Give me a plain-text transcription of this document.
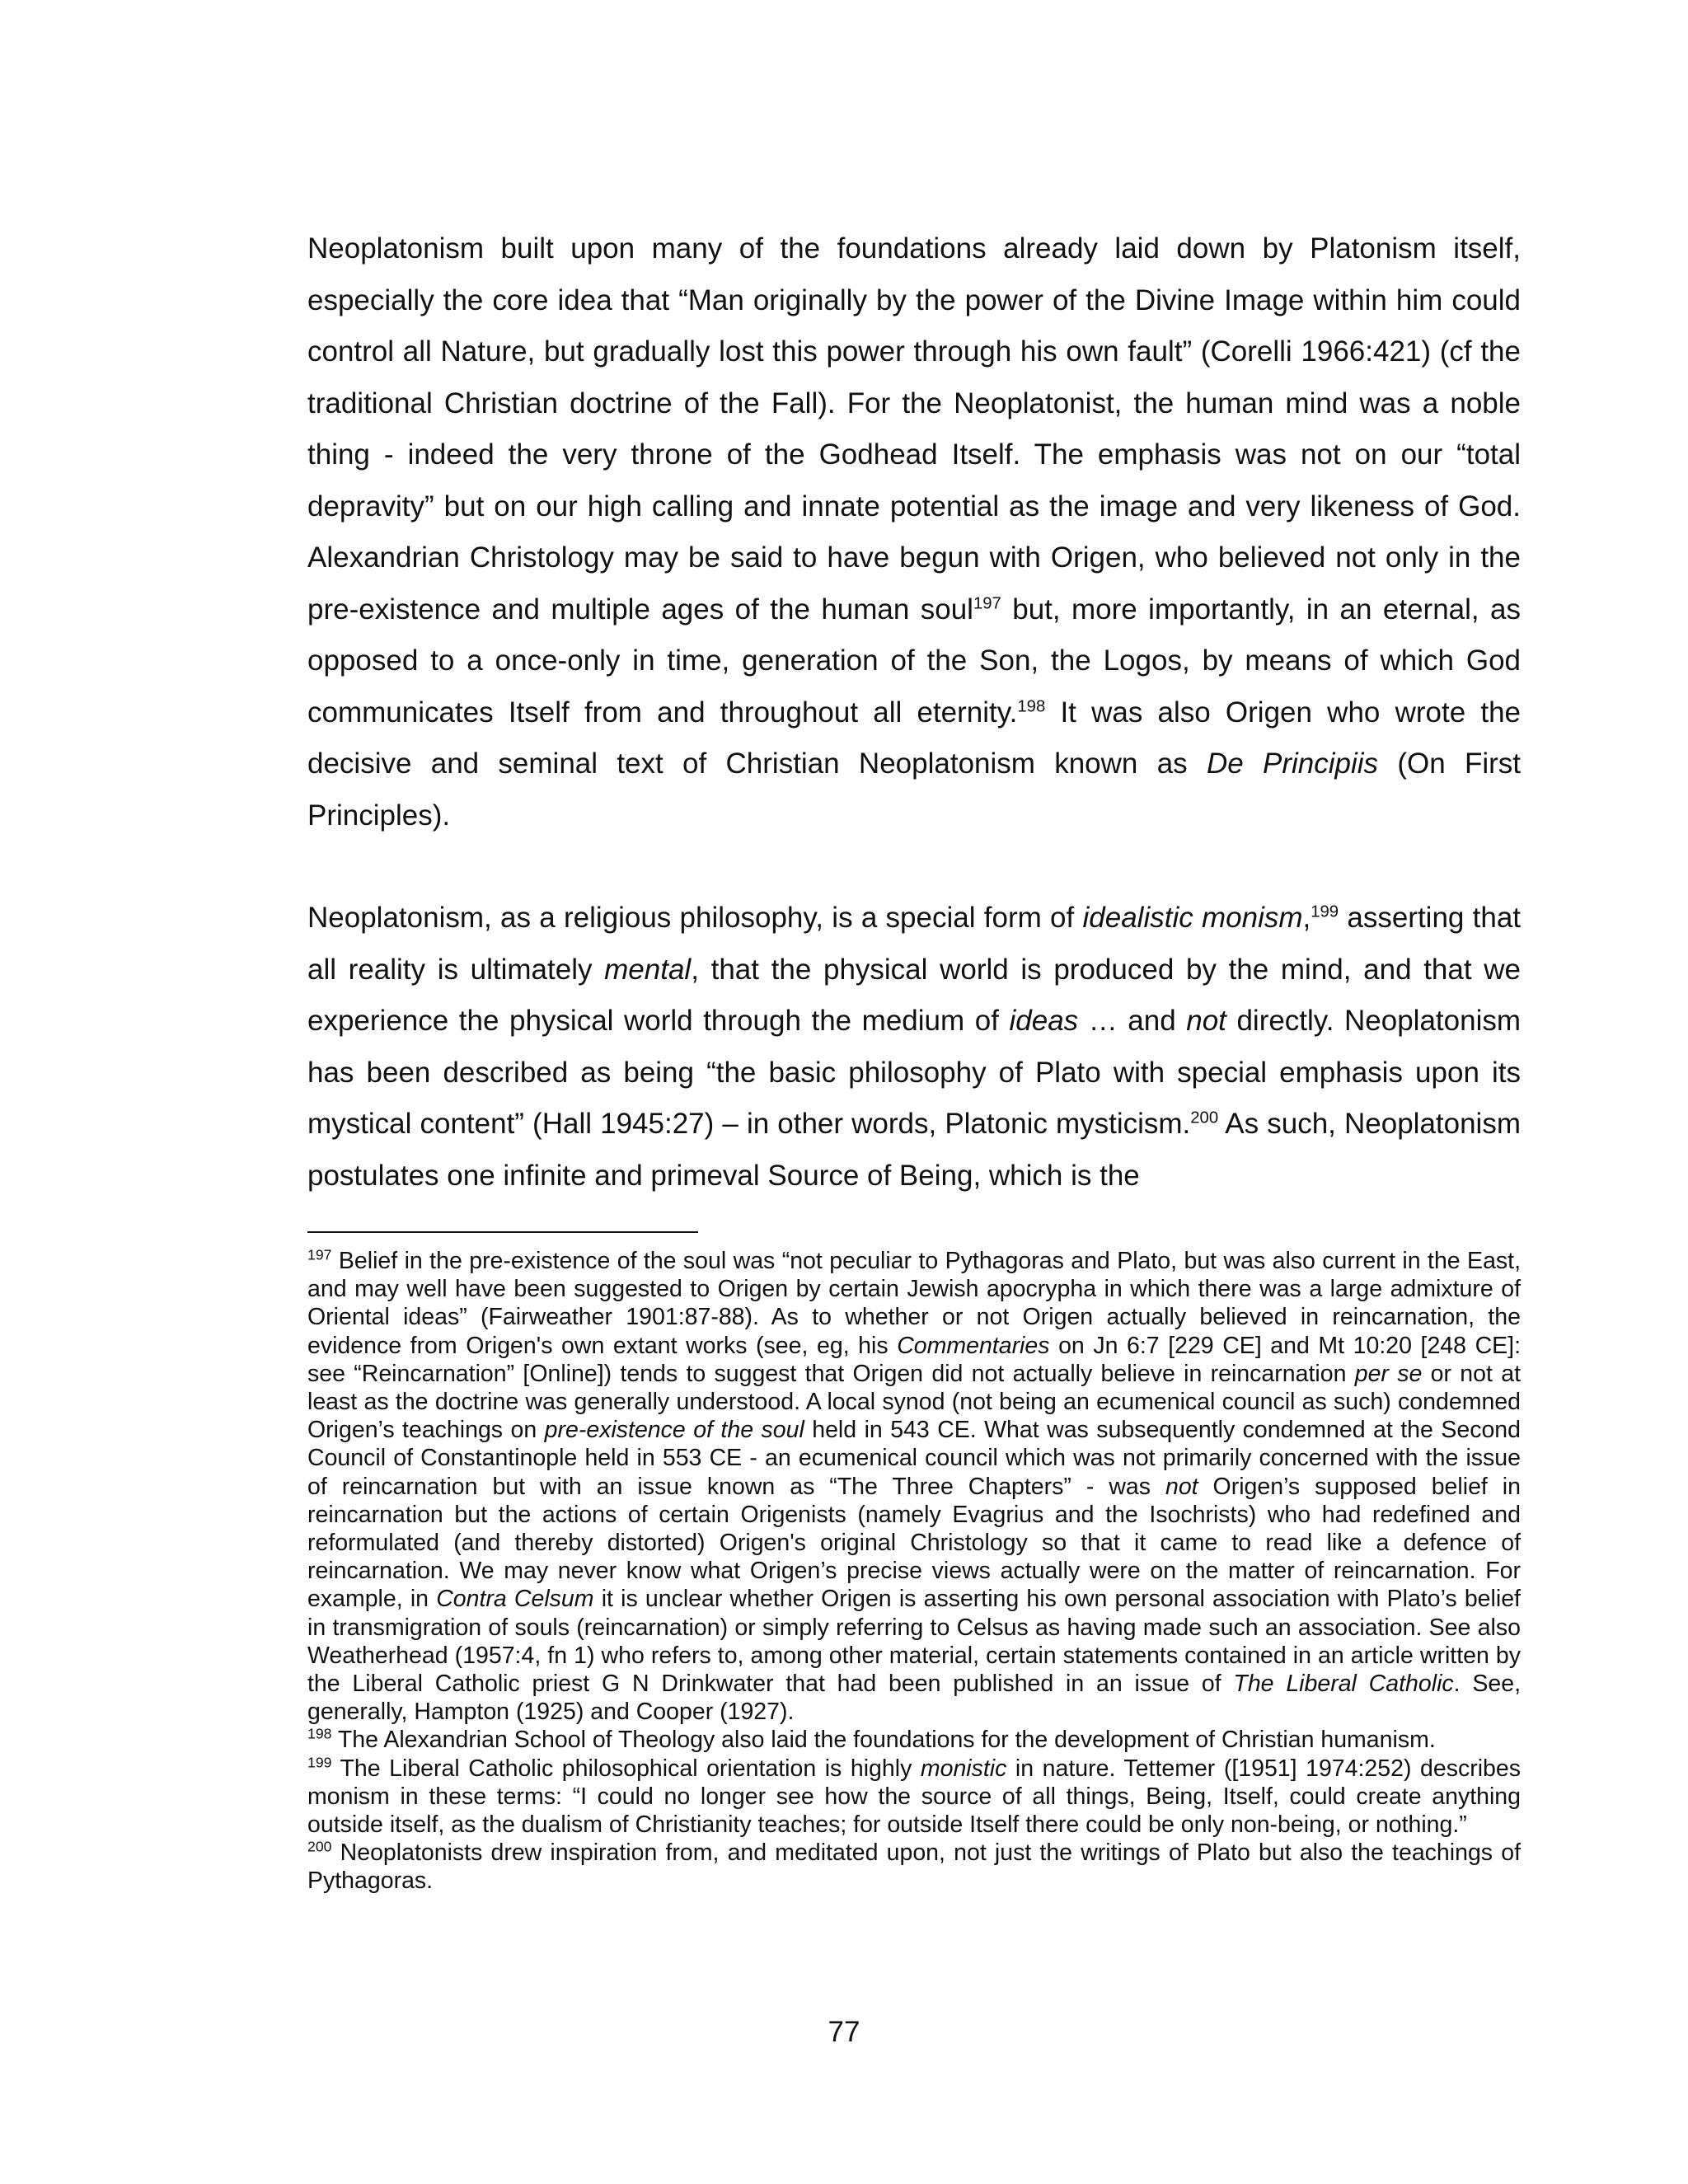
Neoplatonism built upon many of the foundations already laid down by Platonism itself, especially the core idea that “Man originally by the power of the Divine Image within him could control all Nature, but gradually lost this power through his own fault” (Corelli 1966:421) (cf the traditional Christian doctrine of the Fall). For the Neoplatonist, the human mind was a noble thing - indeed the very throne of the Godhead Itself. The emphasis was not on our “total depravity” but on our high calling and innate potential as the image and very likeness of God. Alexandrian Christology may be said to have begun with Origen, who believed not only in the pre-existence and multiple ages of the human soul$^{197}$ but, more importantly, in an eternal, as opposed to a once-only in time, generation of the Son, the Logos, by means of which God communicates Itself from and throughout all eternity.$^{198}$ It was also Origen who wrote the decisive and seminal text of Christian Neoplatonism known as De Principiis (On First Principles).

Neoplatonism, as a religious philosophy, is a special form of idealistic monism,$^{199}$ asserting that all reality is ultimately mental, that the physical world is produced by the mind, and that we experience the physical world through the medium of ideas … and not directly. Neoplatonism has been described as being “the basic philosophy of Plato with special emphasis upon its mystical content” (Hall 1945:27) – in other words, Platonic mysticism.$^{200}$ As such, Neoplatonism postulates one infinite and primeval Source of Being, which is the

$^{197}$ Belief in the pre-existence of the soul was “not peculiar to Pythagoras and Plato, but was also current in the East, and may well have been suggested to Origen by certain Jewish apocrypha in which there was a large admixture of Oriental ideas” (Fairweather 1901:87-88). As to whether or not Origen actually believed in reincarnation, the evidence from Origen's own extant works (see, eg, his Commentaries on Jn 6:7 [229 CE] and Mt 10:20 [248 CE]: see “Reincarnation” [Online]) tends to suggest that Origen did not actually believe in reincarnation per se or not at least as the doctrine was generally understood. A local synod (not being an ecumenical council as such) condemned Origen’s teachings on pre-existence of the soul held in 543 CE. What was subsequently condemned at the Second Council of Constantinople held in 553 CE - an ecumenical council which was not primarily concerned with the issue of reincarnation but with an issue known as “The Three Chapters” - was not Origen’s supposed belief in reincarnation but the actions of certain Origenists (namely Evagrius and the Isochrists) who had redefined and reformulated (and thereby distorted) Origen's original Christology so that it came to read like a defence of reincarnation. We may never know what Origen’s precise views actually were on the matter of reincarnation. For example, in Contra Celsum it is unclear whether Origen is asserting his own personal association with Plato’s belief in transmigration of souls (reincarnation) or simply referring to Celsus as having made such an association. See also Weatherhead (1957:4, fn 1) who refers to, among other material, certain statements contained in an article written by the Liberal Catholic priest G N Drinkwater that had been published in an issue of The Liberal Catholic. See, generally, Hampton (1925) and Cooper (1927).

$^{198}$ The Alexandrian School of Theology also laid the foundations for the development of Christian humanism.

$^{199}$ The Liberal Catholic philosophical orientation is highly monistic in nature. Tettemer ([1951] 1974:252) describes monism in these terms: “I could no longer see how the source of all things, Being, Itself, could create anything outside itself, as the dualism of Christianity teaches; for outside Itself there could be only non-being, or nothing.”

$^{200}$ Neoplatonists drew inspiration from, and meditated upon, not just the writings of Plato but also the teachings of Pythagoras.

77
